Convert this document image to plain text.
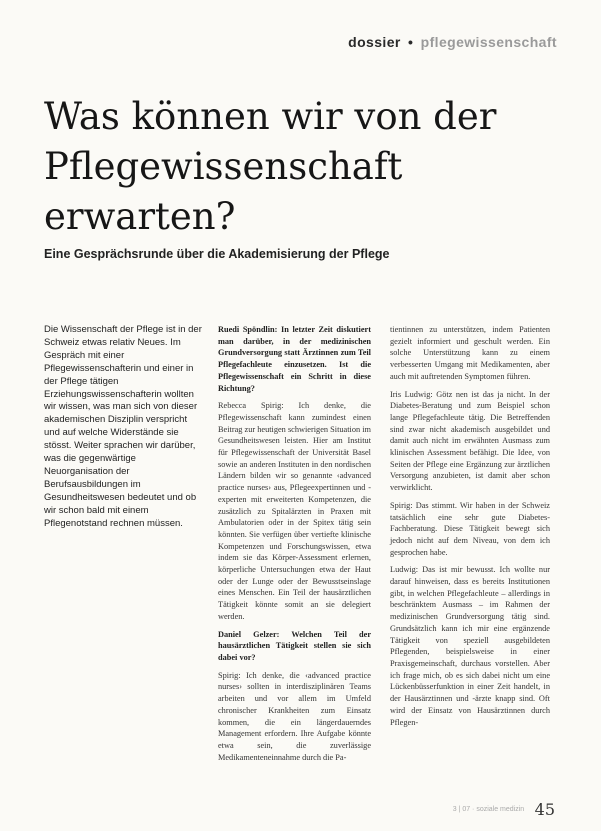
dossier • pflegewissenschaft
Was können wir von der Pflegewissenschaft erwarten?
Eine Gesprächsrunde über die Akademisierung der Pflege

Die Wissenschaft der Pflege ist in der Schweiz etwas relativ Neues. Im Gespräch mit einer Pflegewissenschafterin und einer in der Pflege tätigen Erziehungswissenschafterin wollten wir wissen, was man sich von dieser akademischen Disziplin verspricht und auf welche Widerstände sie stösst. Weiter sprachen wir darüber, was die gegenwärtige Neuorganisation der Berufsausbildungen im Gesundheitswesen bedeutet und ob wir schon bald mit einem Pflegenotstand rechnen müssen.

Ruedi Spöndlin: In letzter Zeit diskutiert man darüber, in der medizinischen Grundversorgung statt Ärztinnen zum Teil Pflegefachleute einzusetzen. Ist die Pflegewissenschaft ein Schritt in diese Richtung?

Rebecca Spirig: Ich denke, die Pflegewissenschaft kann zumindest einen Beitrag zur heutigen schwierigen Situation im Gesundheitswesen leisten. Hier am Institut für Pflegewissenschaft der Universität Basel sowie an anderen Instituten in den nordischen Ländern bilden wir so genannte ‹advanced practice nurses› aus, Pflegeexpertinnen und -experten mit erweiterten Kompetenzen, die zusätzlich zu Spitalärzten in Praxen mit Ambulatorien oder in der Spitex tätig sein könnten. Sie verfügen über vertiefte klinische Kompetenzen und Forschungswissen, etwa indem sie das Körper-Assessment erlernen, körperliche Untersuchungen etwa der Haut oder der Lunge oder der Bewusstseinslage eines Menschen. Ein Teil der hausärztlichen Tätigkeit könnte somit an sie delegiert werden.

Daniel Gelzer: Welchen Teil der hausärztlichen Tätigkeit stellen sie sich dabei vor?

Spirig: Ich denke, die ‹advanced practice nurses› sollten in interdisziplinären Teams arbeiten und vor allem im Umfeld chronischer Krankheiten zum Einsatz kommen, die ein längerdauerndes Management erfordern. Ihre Aufgabe könnte etwa sein, die zuverlässige Medikamenteneinnahme durch die Pa-

tientinnen zu unterstützen, indem Patienten gezielt informiert und geschult werden. Ein solche Unterstützung kann zu einem verbesserten Umgang mit Medikamenten, aber auch mit auftretenden Symptomen führen.

Iris Ludwig: Götz nen ist das ja nicht. In der Diabetes-Beratung und zum Beispiel schon lange Pflegefachleute tätig. Die Betreffenden sind zwar nicht akademisch ausgebildet und damit auch nicht im erwähnten Ausmass zum klinischen Assessment befähigt. Die Idee, von Seiten der Pflege eine Ergänzung zur ärztlichen Versorgung anzubieten, ist damit aber schon verwirklicht.

Spirig: Das stimmt. Wir haben in der Schweiz tatsächlich eine sehr gute Diabetes-Fachberatung. Diese Tätigkeit bewegt sich jedoch nicht auf dem Niveau, von dem ich gesprochen habe.

Ludwig: Das ist mir bewusst. Ich wollte nur darauf hinweisen, dass es bereits Institutionen gibt, in welchen Pflegefachleute – allerdings in beschränktem Ausmass – im Rahmen der medizinischen Grundversorgung tätig sind. Grundsätzlich kann ich mir eine ergänzende Tätigkeit von speziell ausgebildeten Pflegenden, beispielsweise in einer Praxisgemeinschaft, durchaus vorstellen. Aber ich frage mich, ob es sich dabei nicht um eine Lückenbüsserfunktion in einer Zeit handelt, in der Hausärztinnen und -ärzte knapp sind. Oft wird der Einsatz von Hausärztinnen durch Pflegen-

3 | 07 · soziale medizin 45
